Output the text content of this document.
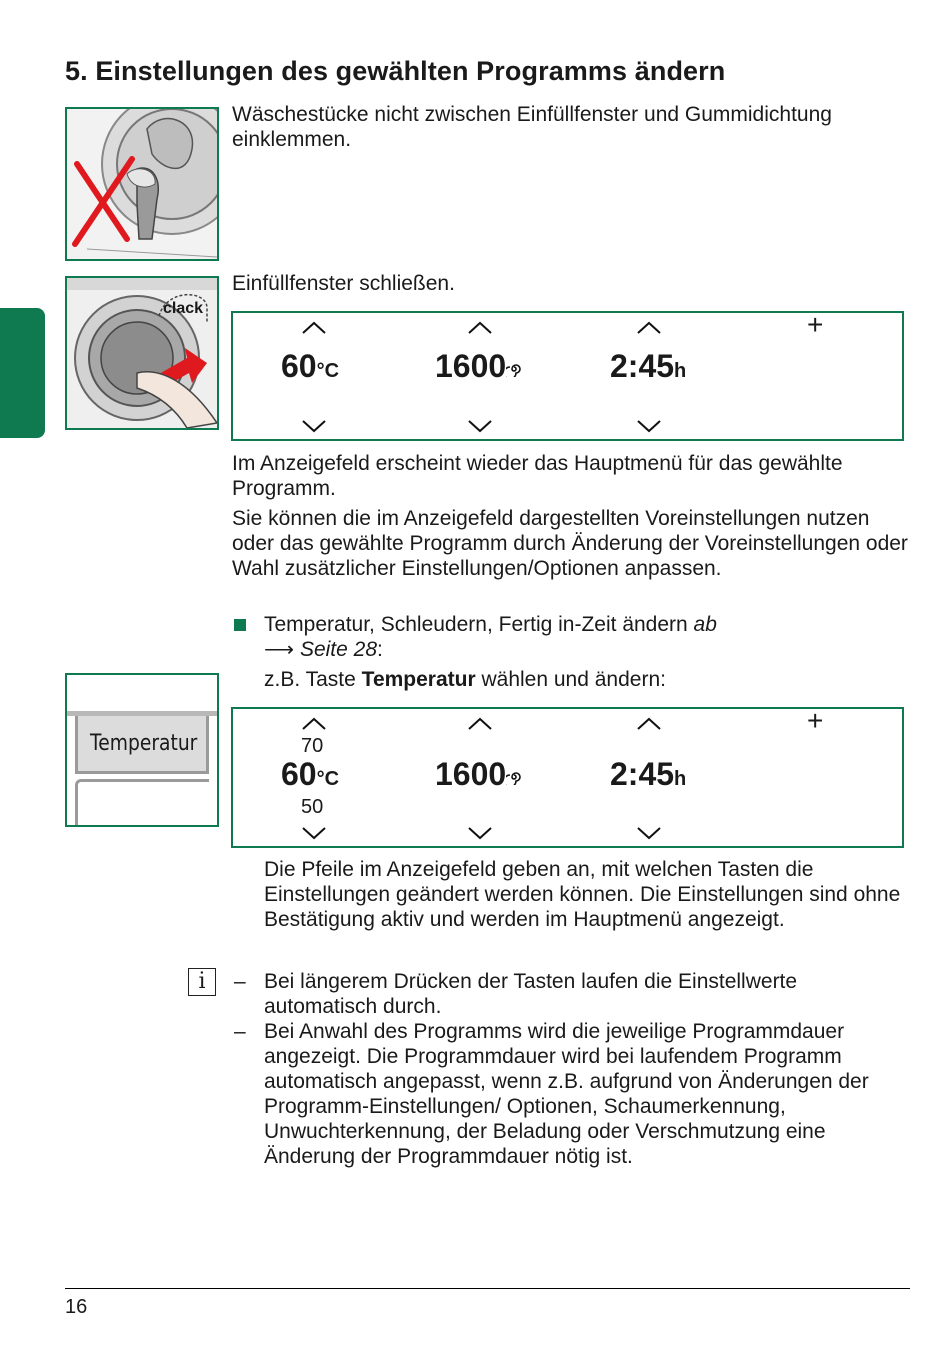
5. Einstellungen des gewählten Programms ändern

Wäschestücke nicht zwischen Einfüllfenster und Gummidichtung einklemmen.

clack

Einfüllfenster schließen.

+
60°C	1600	2:45h

Im Anzeigefeld erscheint wieder das Hauptmenü für das gewählte Programm.

Sie können die im Anzeigefeld dargestellten Voreinstellungen nutzen oder das gewählte Programm durch Änderung der Voreinstellungen oder Wahl zusätzlicher Einstellungen/Optionen anpassen.

Temperatur, Schleudern, Fertig in-Zeit ändern ab
⟶ Seite 28:

z.B. Taste Temperatur wählen und ändern:

Temperatur
+
70
60°C
50
1600	2:45h

Die Pfeile im Anzeigefeld geben an, mit welchen Tasten die Einstellungen geändert werden können. Die Einstellungen sind ohne Bestätigung aktiv und werden im Hauptmenü angezeigt.

i	– Bei längerem Drücken der Tasten laufen die Einstellwerte automatisch durch.

– Bei Anwahl des Programms wird die jeweilige Programmdauer angezeigt. Die Programmdauer wird bei laufendem Programm automatisch angepasst, wenn z.B. aufgrund von Änderungen der Programm-Einstellungen/ Optionen, Schaumerkennung, Unwuchterkennung, der Beladung oder Verschmutzung eine Änderung der Programmdauer nötig ist.

16
